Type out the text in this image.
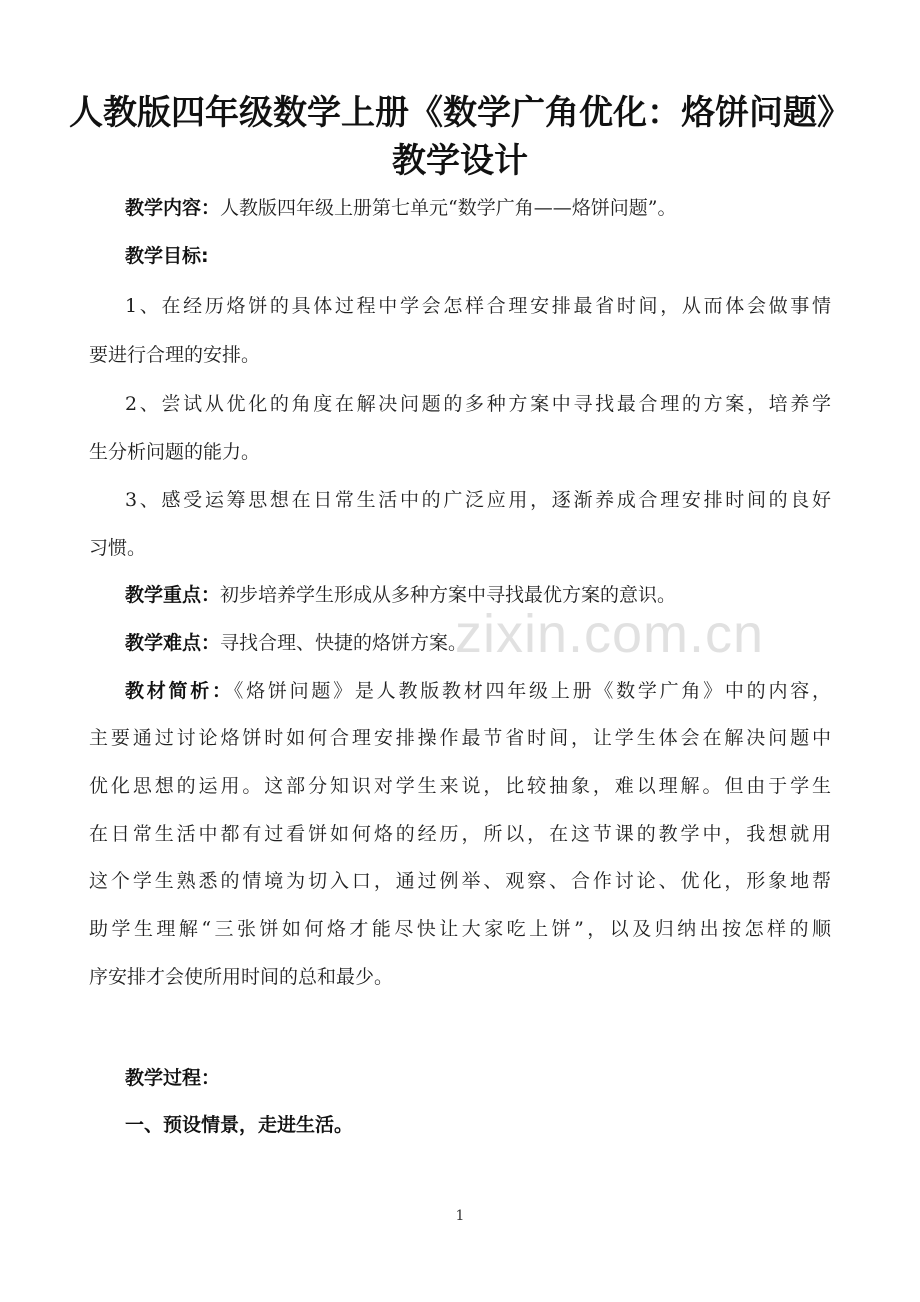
人教版四年级数学上册《数学广角优化：烙饼问题》
教学设计
教学内容：人教版四年级上册第七单元“数学广角——烙饼问题”。
教学目标:
1、在经历烙饼的具体过程中学会怎样合理安排最省时间，从而体会做事情
要进行合理的安排。
2、尝试从优化的角度在解决问题的多种方案中寻找最合理的方案，培养学
生分析问题的能力。
3、感受运筹思想在日常生活中的广泛应用，逐渐养成合理安排时间的良好
习惯。
教学重点：初步培养学生形成从多种方案中寻找最优方案的意识。
教学难点：寻找合理、快捷的烙饼方案。
教材简析：《烙饼问题》是人教版教材四年级上册《数学广角》中的内容，
主要通过讨论烙饼时如何合理安排操作最节省时间，让学生体会在解决问题中
优化思想的运用。这部分知识对学生来说，比较抽象，难以理解。但由于学生
在日常生活中都有过看饼如何烙的经历，所以，在这节课的教学中，我想就用
这个学生熟悉的情境为切入口，通过例举、观察、合作讨论、优化，形象地帮
助学生理解“三张饼如何烙才能尽快让大家吃上饼”，以及归纳出按怎样的顺
序安排才会使所用时间的总和最少。
教学过程：
一、预设情景，走进生活。
zixin.com.cn
1
